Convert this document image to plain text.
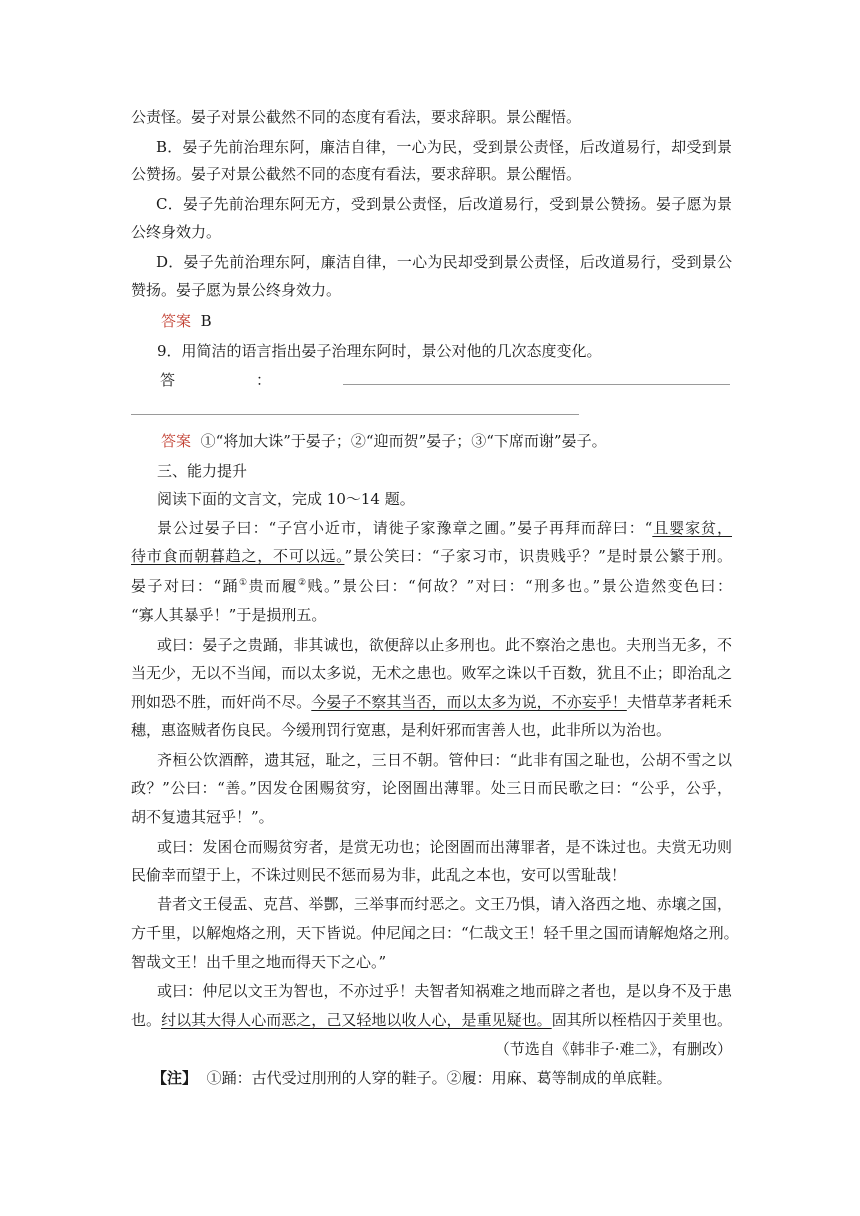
公责怪。晏子对景公截然不同的态度有看法，要求辞职。景公醒悟。
B．晏子先前治理东阿，廉洁自律，一心为民，受到景公责怪，后改道易行，却受到景
公赞扬。晏子对景公截然不同的态度有看法，要求辞职。景公醒悟。
C．晏子先前治理东阿无方，受到景公责怪，后改道易行，受到景公赞扬。晏子愿为景
公终身效力。
D．晏子先前治理东阿，廉洁自律，一心为民却受到景公责怪，后改道易行，受到景公
赞扬。晏子愿为景公终身效力。
答案 B
9．用简洁的语言指出晏子治理东阿时，景公对他的几次态度变化。
答	：
答案 ①“将加大诛”于晏子；②“迎而贺”晏子；③“下席而谢”晏子。
三、能力提升
阅读下面的文言文，完成 10～14 题。
景公过晏子曰：“子宫小近市，请徙子家豫章之圃。”晏子再拜而辞曰：“且婴家贫，
待市食而朝暮趋之，不可以远。”景公笑曰：“子家习市，识贵贱乎？”是时景公繁于刑。
晏子对曰：“踊①贵而履②贱。”景公曰：“何故？”对曰：“刑多也。”景公造然变色曰：
“寡人其暴乎！”于是损刑五。
或曰：晏子之贵踊，非其诚也，欲便辞以止多刑也。此不察治之患也。夫刑当无多，不
当无少，无以不当闻，而以太多说，无术之患也。败军之诛以千百数，犹且不止；即治乱之
刑如恐不胜，而奸尚不尽。今晏子不察其当否，而以太多为说，不亦妄乎！夫惜草茅者耗禾
穗，惠盗贼者伤良民。今缓刑罚行宽惠，是利奸邪而害善人也，此非所以为治也。
齐桓公饮酒醉，遗其冠，耻之，三日不朝。管仲曰：“此非有国之耻也，公胡不雪之以
政？”公曰：“善。”因发仓囷赐贫穷，论囹圄出薄罪。处三日而民歌之曰：“公乎，公乎，
胡不复遗其冠乎！”。
或曰：发囷仓而赐贫穷者，是赏无功也；论囹圄而出薄罪者，是不诛过也。夫赏无功则
民偷幸而望于上，不诛过则民不惩而易为非，此乱之本也，安可以雪耻哉！
昔者文王侵盂、克莒、举酆，三举事而纣恶之。文王乃惧，请入洛西之地、赤壤之国，
方千里，以解炮烙之刑，天下皆说。仲尼闻之曰：“仁哉文王！轻千里之国而请解炮烙之刑。
智哉文王！出千里之地而得天下之心。”
或曰：仲尼以文王为智也，不亦过乎！夫智者知祸难之地而辟之者也，是以身不及于患
也。纣以其大得人心而恶之，己又轻地以收人心，是重见疑也。固其所以桎梏囚于羑里也。
（节选自《韩非子·难二》，有删改）
【注】 ①踊：古代受过刖刑的人穿的鞋子。②履：用麻、葛等制成的单底鞋。
